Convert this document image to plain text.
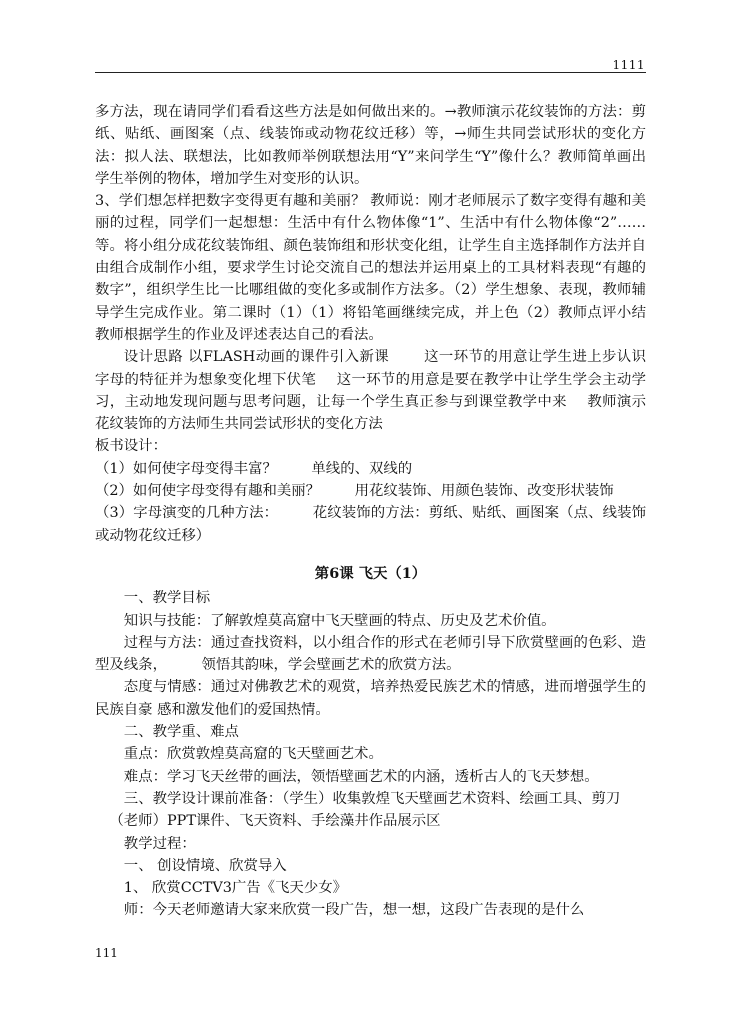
1111

多方法，现在请同学们看看这些方法是如何做出来的。→教师演示花纹装饰的方法：剪纸、贴纸、画图案（点、线装饰或动物花纹迁移）等，→师生共同尝试形状的变化方法：拟人法、联想法，比如教师举例联想法用“Y”来问学生“Y”像什么？教师简单画出学生举例的物体，增加学生对变形的认识。

3、学们想怎样把数字变得更有趣和美丽？ 教师说：刚才老师展示了数字变得有趣和美丽的过程，同学们一起想想：生活中有什么物体像“1”、生活中有什么物体像“2”……等。将小组分成花纹装饰组、颜色装饰组和形状变化组，让学生自主选择制作方法并自由组合成制作小组，要求学生讨论交流自己的想法并运用桌上的工具材料表现“有趣的数字”，组织学生比一比哪组做的变化多或制作方法多。（2）学生想象、表现，教师辅导学生完成作业。第二课时（1）（1）将铅笔画继续完成，并上色（2）教师点评小结教师根据学生的作业及评述表达自己的看法。

设计思路 以FLASH动画的课件引入新课 这一环节的用意让学生进上步认识字母的特征并为想象变化埋下伏笔 这一环节的用意是要在教学中让学生学会主动学习，主动地发现问题与思考问题，让每一个学生真正参与到课堂教学中来 教师演示花纹装饰的方法师生共同尝试形状的变化方法

板书设计：

（1）如何使字母变得丰富？ 单线的、双线的

（2）如何使字母变得有趣和美丽？ 用花纹装饰、用颜色装饰、改变形状装饰

（3）字母演变的几种方法： 花纹装饰的方法：剪纸、贴纸、画图案（点、线装饰或动物花纹迁移）

第6课 飞天（1）

一、教学目标

知识与技能：了解敦煌莫高窟中飞天壁画的特点、历史及艺术价值。

过程与方法：通过查找资料，以小组合作的形式在老师引导下欣赏壁画的色彩、造型及线条， 领悟其韵味，学会壁画艺术的欣赏方法。

态度与情感：通过对佛教艺术的观赏，培养热爱民族艺术的情感，进而增强学生的民族自豪 感和激发他们的爱国热情。

二、教学重、难点

重点：欣赏敦煌莫高窟的飞天壁画艺术。

难点：学习飞天丝带的画法，领悟壁画艺术的内涵，透析古人的飞天梦想。

三、教学设计课前准备：（学生）收集敦煌飞天壁画艺术资料、绘画工具、剪刀

（老师）PPT课件、飞天资料、手绘藻井作品展示区

教学过程：

一、 创设情境、欣赏导入

1、 欣赏CCTV3广告《飞天少女》

师：今天老师邀请大家来欣赏一段广告，想一想，这段广告表现的是什么

111
